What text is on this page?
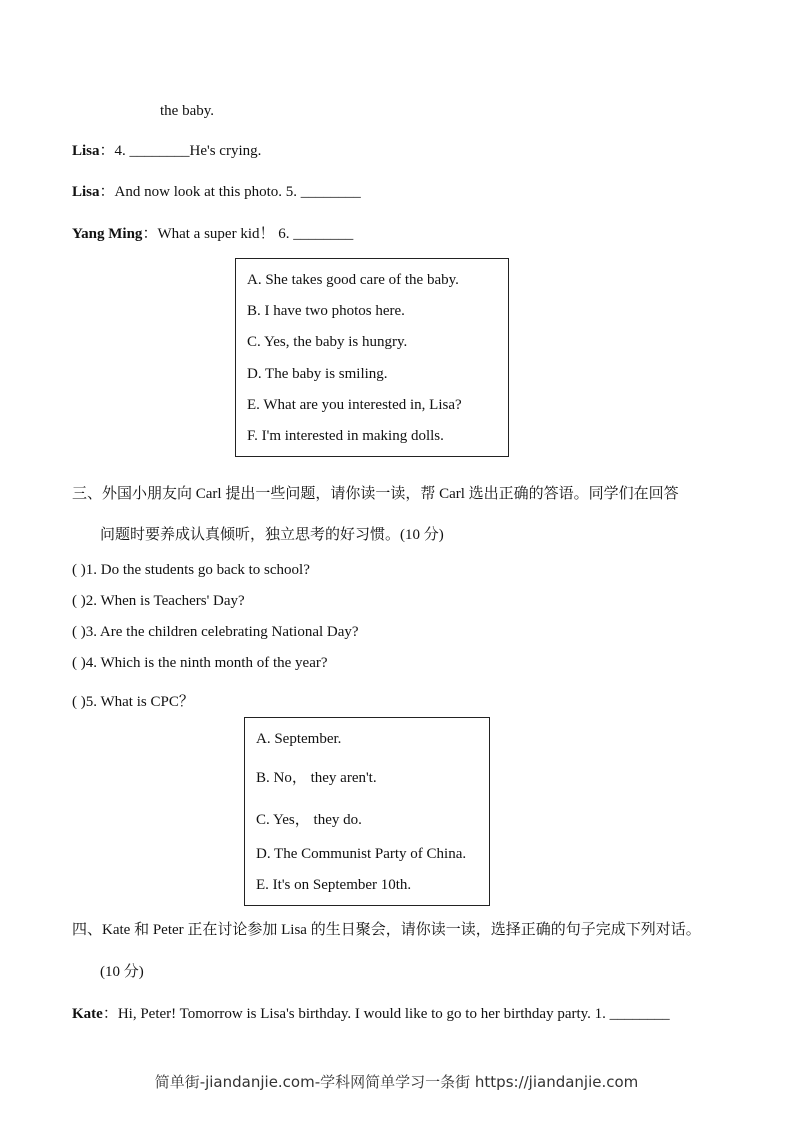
the baby.
Lisa：4. ________He's crying.
Lisa：And now look at this photo. 5. ________
Yang Ming：What a super kid！ 6. ________
A. She takes good care of the baby.
B. I have two photos here.
C. Yes, the baby is hungry.
D. The baby is smiling.
E. What are you interested in, Lisa?
F. I'm interested in making dolls.
三、外国小朋友向 Carl 提出一些问题，请你读一读，帮 Carl 选出正确的答语。同学们在回答
问题时要养成认真倾听，独立思考的好习惯。(10 分)
( )1. Do the students go back to school?
( )2. When is Teachers' Day?
( )3. Are the children celebrating National Day?
( )4. Which is the ninth month of the year?
( )5. What is CPC？
A. September.
B. No， they aren't.
C. Yes， they do.
D. The Communist Party of China.
E. It's on September 10th.
四、Kate 和 Peter 正在讨论参加 Lisa 的生日聚会，请你读一读，选择正确的句子完成下列对话。
(10 分)
Kate：Hi, Peter! Tomorrow is Lisa's birthday. I would like to go to her birthday party. 1. ________
简单街-jiandanjie.com-学科网简单学习一条街 https://jiandanjie.com
